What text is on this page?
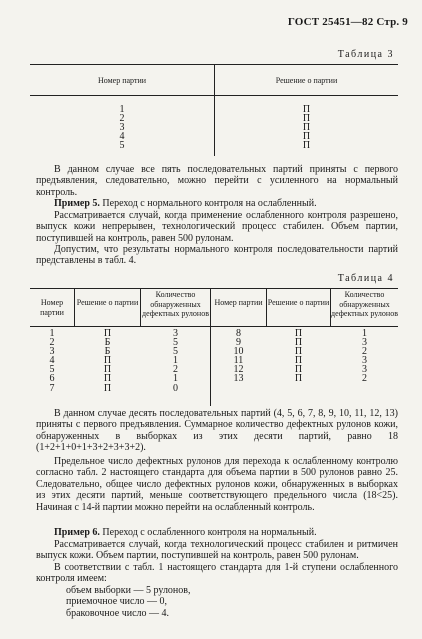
ГОСТ 25451—82 Стр. 9
Таблица 3
Номер партии	Решение о партии
1
2
3
4
5
П
П
П
П
П

В данном случае все пять последовательных партий приняты с первого предъявления, следовательно, можно перейти с усиленного на нормальный контроль.

Пример 5. Переход с нормального контроля на ослабленный.

Рассматривается случай, когда применение ослабленного контроля разрешено, выпуск кожи непрерывен, технологический процесс стабилен. Объем партии, поступившей на контроль, равен 500 рулонам.

Допустим, что результаты нормального контроля последовательности партий представлены в табл. 4.

Таблица 4
Номер партии
Решение о партии
Количество обнаруженных дефектных рулонов
Номер партии Решение о партии
Количество обнаруженных дефектных рулонов
1
2
3
4
5
6
7
П
Б
Б
П
П
П
П
3
5
5
1
2
1
0
8
9
10
11
12
13
П
П
П
П
П
П
1
3
2
3
3
2

В данном случае десять последовательных партий (4, 5, 6, 7, 8, 9, 10, 11, 12, 13) приняты с первого предъявления. Суммарное количество дефектных рулонов кожи, обнаруженных в выборках из этих десяти партий, равно 18 (1+2+1+0+1+3+2+3+3+2).

Предельное число дефектных рулонов для перехода к ослабленному контролю согласно табл. 2 настоящего стандарта для объема партии в 500 рулонов равно 25. Следовательно, общее число дефектных рулонов кожи, обнаруженных в выборках из этих десяти партий, меньше соответствующего предельного числа (18<25). Начиная с 14-й партии можно перейти на ослабленный контроль.

Пример 6. Переход с ослабленного контроля на нормальный.

Рассматривается случай, когда технологический процесс стабилен и ритмичен выпуск кожи. Объем партии, поступившей на контроль, равен 500 рулонам.

В соответствии с табл. 1 настоящего стандарта для 1-й ступени ослабленного контроля имеем:

объем выборки — 5 рулонов,
приемочное число — 0,
браковочное число — 4.
